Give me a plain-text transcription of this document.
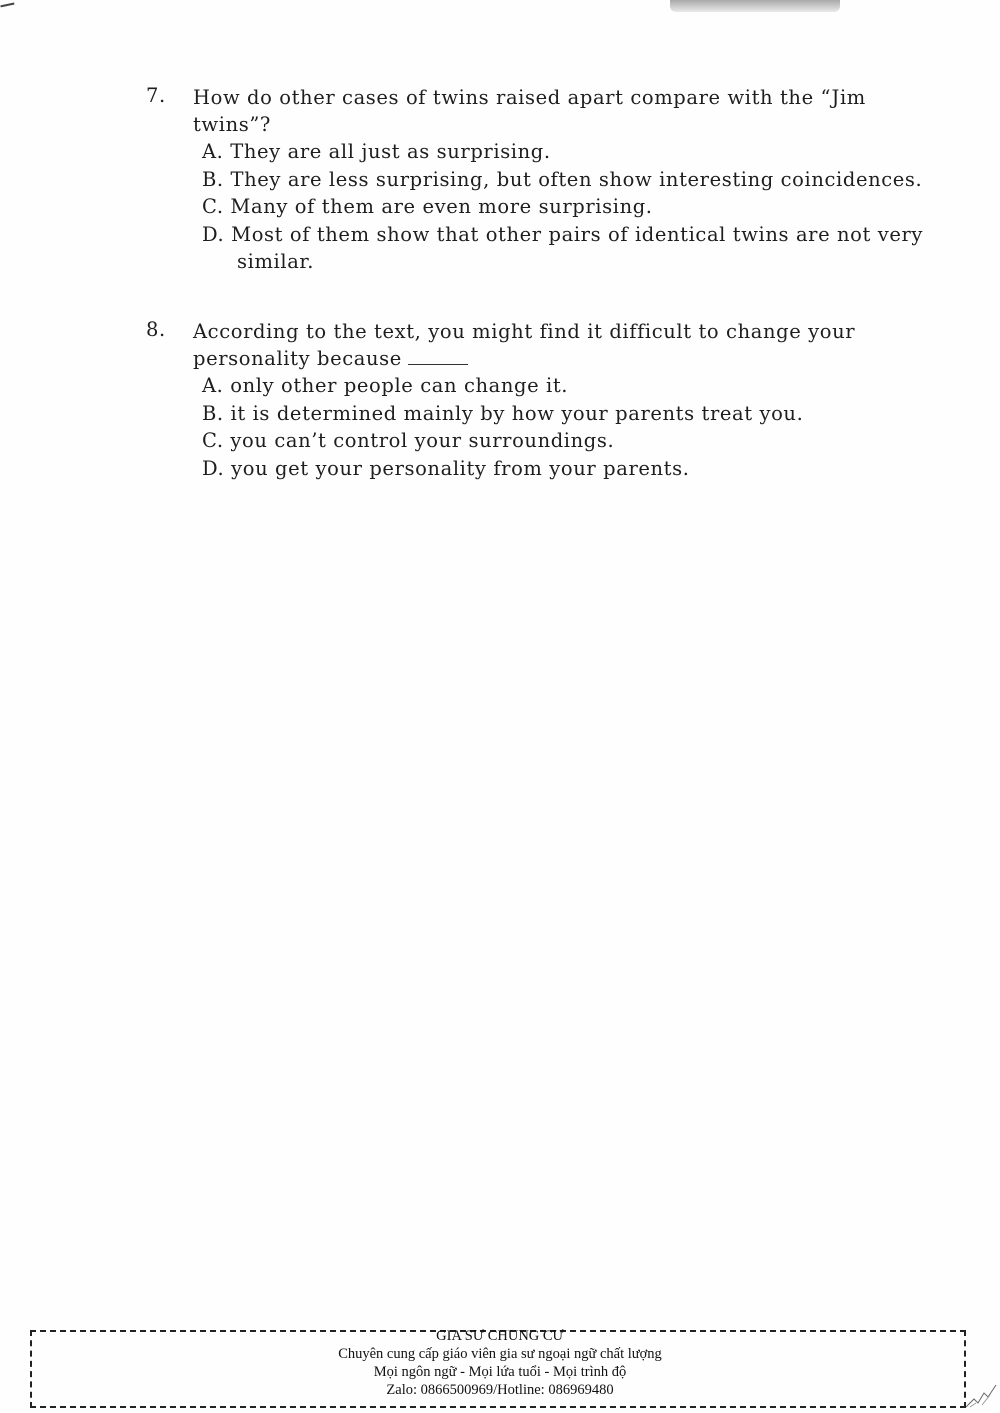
7.	How do other cases of twins raised apart compare with the “Jim twins”?
A. They are all just as surprising.
B. They are less surprising, but often show interesting coincidences.
C. Many of them are even more surprising.
D. Most of them show that other pairs of identical twins are not very similar.
8.	According to the text, you might find it difficult to change your personality because
A. only other people can change it.
B. it is determined mainly by how your parents treat you.
C. you can’t control your surroundings.
D. you get your personality from your parents.
GIA SƯ CHUNG CƯ
Chuyên cung cấp giáo viên gia sư ngoại ngữ chất lượng
Mọi ngôn ngữ - Mọi lứa tuổi - Mọi trình độ
Zalo: 0866500969/Hotline: 086969480
